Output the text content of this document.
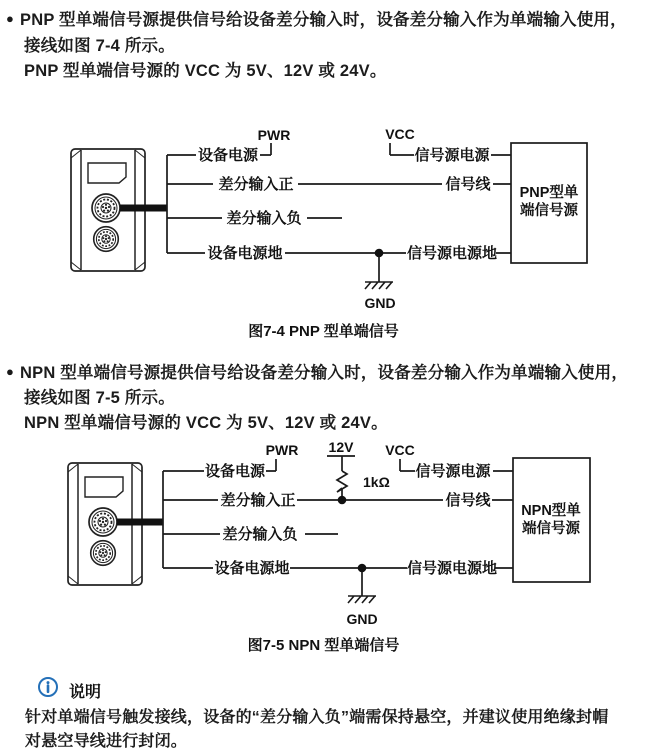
● PNP 型单端信号源提供信号给设备差分输入时，设备差分输入作为单端输入使用，
接线如图 7-4 所示。
PNP 型单端信号源的 VCC 为 5V、12V 或 24V。
PWR	VCC
设备电源
差分输入正
差分输入负
设备电源地
信号源电源
信号线
信号源电源地
GND
PNP型单
端信号源
图7-4 PNP 型单端信号
● NPN 型单端信号源提供信号给设备差分输入时，设备差分输入作为单端输入使用，
接线如图 7-5 所示。
NPN 型单端信号源的 VCC 为 5V、12V 或 24V。
PWR 12V VCC
1kΩ
设备电源
差分输入正
差分输入负
设备电源地
信号源电源
信号线
信号源电源地
GND
NPN型单
端信号源
图7-5 NPN 型单端信号
说明
针对单端信号触发接线，设备的“差分输入负”端需保持悬空，并建议使用绝缘封帽
对悬空导线进行封闭。
